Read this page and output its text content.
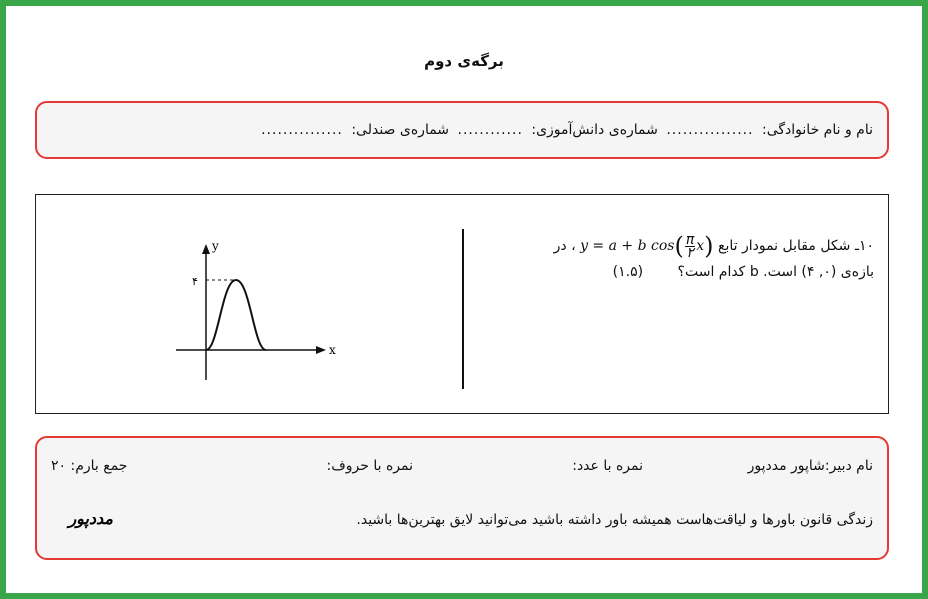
برگه‌ی دوم
نام و نام خانوادگی: ................ شماره‌ی دانش‌آموزی: ............ شماره‌ی صندلی: ...............
۱۰ـ شکل مقابل نمودار تابع y = a + b $\cos( \frac{\pi}{۲} x)$ ، در
بازه‌ی (۰, ۴) است. b کدام است؟ (۱.۵)
x
y
۴
نام دبیر:شاپور مددپور
نمره با عدد:
نمره با حروف:
جمع بارم: ۲۰
زندگی قانون باورها و لیاقت‌هاست همیشه باور داشته باشید می‌توانید لایق بهترین‌ها باشید.
مددپور
